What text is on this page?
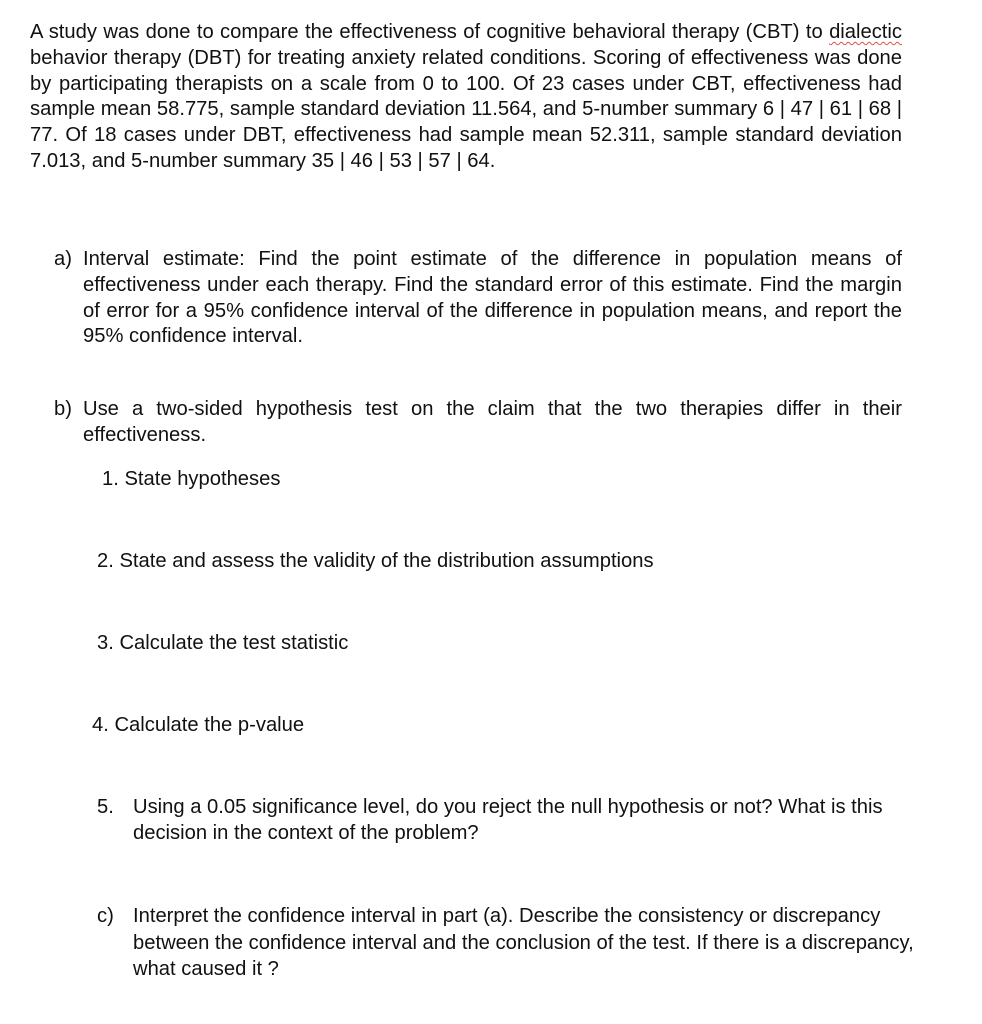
A study was done to compare the effectiveness of cognitive behavioral therapy (CBT) to dialectic behavior therapy (DBT) for treating anxiety related conditions. Scoring of effectiveness was done by participating therapists on a scale from 0 to 100. Of 23 cases under CBT, effectiveness had sample mean 58.775, sample standard deviation 11.564, and 5-number summary 6 | 47 | 61 | 68 | 77. Of 18 cases under DBT, effectiveness had sample mean 52.311, sample standard deviation 7.013, and 5-number summary 35 | 46 | 53 | 57 | 64.

a) Interval estimate: Find the point estimate of the difference in population means of effectiveness under each therapy. Find the standard error of this estimate. Find the margin of error for a 95% confidence interval of the difference in population means, and report the 95% confidence interval.
b) Use a two-sided hypothesis test on the claim that the two therapies differ in their effectiveness.
1. State hypotheses
2. State and assess the validity of the distribution assumptions
3. Calculate the test statistic
4. Calculate the p-value
5. Using a 0.05 significance level, do you reject the null hypothesis or not? What is this decision in the context of the problem?
c) Interpret the confidence interval in part (a). Describe the consistency or discrepancy between the confidence interval and the conclusion of the test. If there is a discrepancy, what caused it ?
